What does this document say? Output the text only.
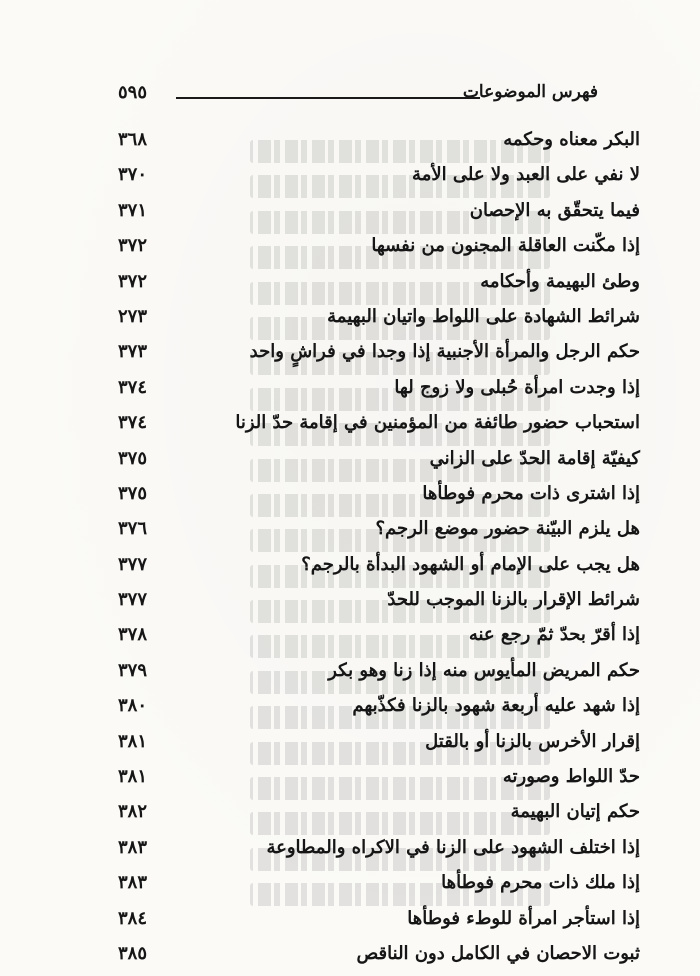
فهرس الموضوعات
٥٩٥
البكر معناه وحكمه
٣٦٨
لا نفي على العبد ولا على الأمة
٣٧٠
فيما يتحقّق به الإحصان
٣٧١
إذا مكّنت العاقلة المجنون من نفسها
٣٧٢
وطئ البهيمة وأحكامه
٣٧٢
شرائط الشهادة على اللواط واتيان البهيمة
٢٧٣
حكم الرجل والمرأة الأجنبية إذا وجدا في فراشٍ واحد
٣٧٣
إذا وجدت امرأة حُبلى ولا زوج لها
٣٧٤
استحباب حضور طائفة من المؤمنين في إقامة حدّ الزنا
٣٧٤
كيفيّة إقامة الحدّ على الزاني
٣٧٥
إذا اشترى ذات محرم فوطأها
٣٧٥
هل يلزم البيّنة حضور موضع الرجم؟
٣٧٦
هل يجب على الإمام أو الشهود البدأة بالرجم؟
٣٧٧
شرائط الإقرار بالزنا الموجب للحدّ
٣٧٧
إذا أقرّ بحدّ ثمّ رجع عنه
٣٧٨
حكم المريض المأيوس منه إذا زنا وهو بكر
٣٧٩
إذا شهد عليه أربعة شهود بالزنا فكذّبهم
٣٨٠
إقرار الأخرس بالزنا أو بالقتل
٣٨١
حدّ اللواط وصورته
٣٨١
حكم إتيان البهيمة
٣٨٢
إذا اختلف الشهود على الزنا في الاكراه والمطاوعة
٣٨٣
إذا ملك ذات محرم فوطأها
٣٨٣
إذا استأجر امرأة للوطء فوطأها
٣٨٤
ثبوت الاحصان في الكامل دون الناقص
٣٨٥
